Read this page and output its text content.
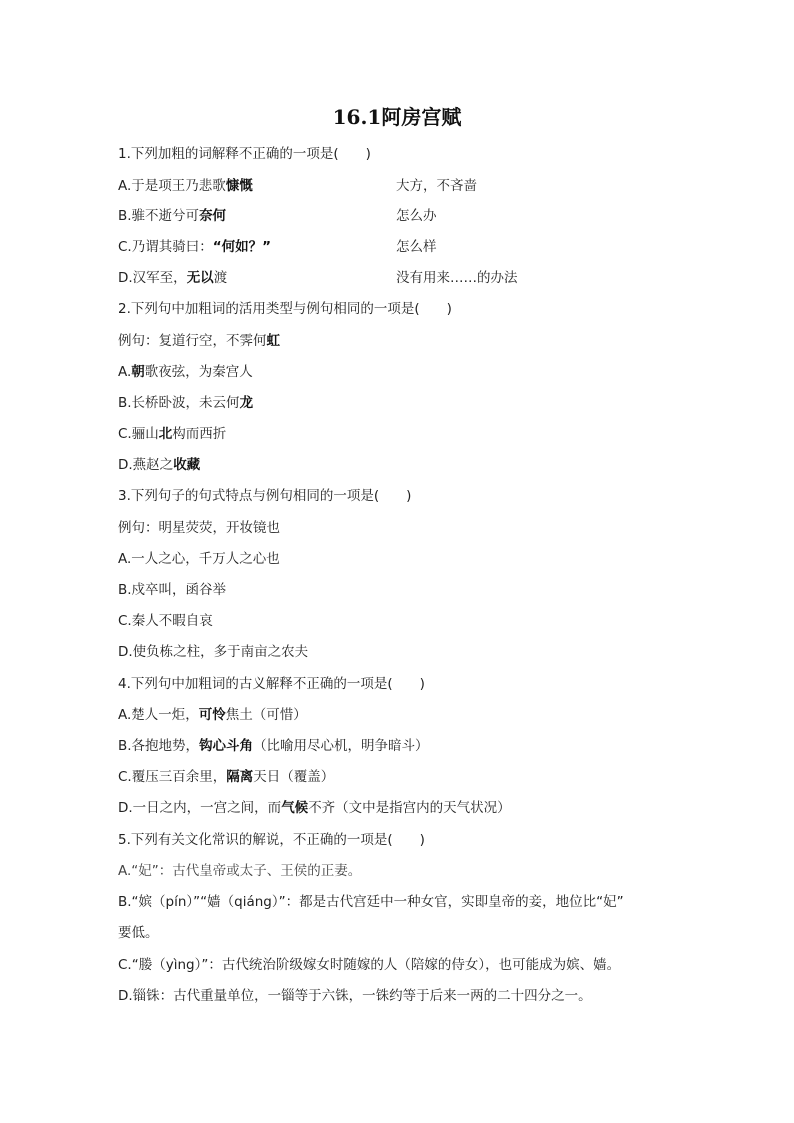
16.1阿房宫赋
1.下列加粗的词解释不正确的一项是(　　)
A.于是项王乃悲歌慷慨	大方，不吝啬
B.骓不逝兮可奈何	怎么办
C.乃谓其骑曰：“何如？”	怎么样
D.汉军至，无以渡	没有用来……的办法
2.下列句中加粗词的活用类型与例句相同的一项是(　　)
例句：复道行空，不霁何虹
A.朝歌夜弦，为秦宫人
B.长桥卧波，未云何龙
C.骊山北构而西折
D.燕赵之收藏
3.下列句子的句式特点与例句相同的一项是(　　)
例句：明星荧荧，开妆镜也
A.一人之心，千万人之心也
B.戍卒叫，函谷举
C.秦人不暇自哀
D.使负栋之柱，多于南亩之农夫
4.下列句中加粗词的古义解释不正确的一项是(　　)
A.楚人一炬，可怜焦土（可惜）
B.各抱地势，钩心斗角（比喻用尽心机，明争暗斗）
C.覆压三百余里，隔离天日（覆盖）
D.一日之内，一宫之间，而气候不齐（文中是指宫内的天气状况）
5.下列有关文化常识的解说，不正确的一项是(　　)
A.“妃”：古代皇帝或太子、王侯的正妻。
B.“嫔（pín）”“嫱（qiáng）”：都是古代宫廷中一种女官，实即皇帝的妾，地位比“妃”
要低。
C.“媵（yìng）”：古代统治阶级嫁女时随嫁的人（陪嫁的侍女），也可能成为嫔、嫱。
D.锱铢：古代重量单位，一锱等于六铢，一铢约等于后来一两的二十四分之一。
